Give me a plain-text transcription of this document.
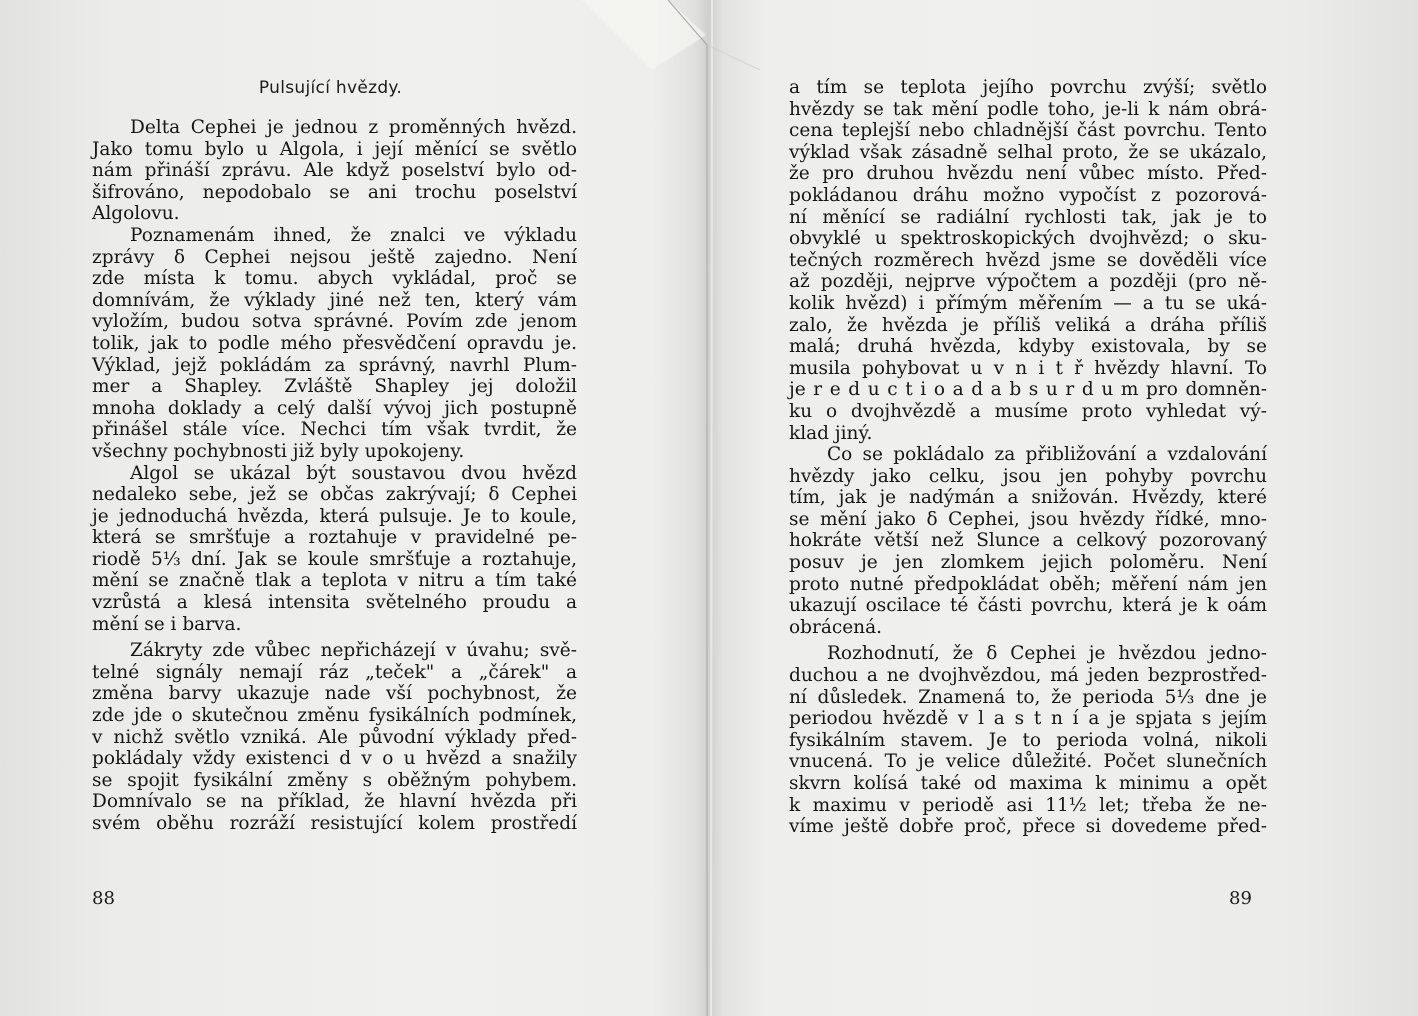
Pulsující hvězdy.
Delta Cephei je jednou z proměnných hvězd.
Jako tomu bylo u Algola, i její měnící se světlo
nám přináší zprávu. Ale když poselství bylo od-
šifrováno, nepodobalo se ani trochu poselství
Algolovu.
Poznamenám ihned, že znalci ve výkladu
zprávy δ Cephei nejsou ještě zajedno. Není
zde místa k tomu. abych vykládal, proč se
domnívám, že výklady jiné než ten, který vám
vyložím, budou sotva správné. Povím zde jenom
tolik, jak to podle mého přesvědčení opravdu je.
Výklad, jejž pokládám za správný, navrhl Plum-
mer a Shapley. Zvláště Shapley jej doložil
mnoha doklady a celý další vývoj jich postupně
přinášel stále více. Nechci tím však tvrdit, že
všechny pochybnosti již byly upokojeny.
Algol se ukázal být soustavou dvou hvězd
nedaleko sebe, jež se občas zakrývají; δ Cephei
je jednoduchá hvězda, která pulsuje. Je to koule,
která se smršťuje a roztahuje v pravidelné pe-
riodě 5⅓ dní. Jak se koule smršťuje a roztahuje,
mění se značně tlak a teplota v nitru a tím také
vzrůstá a klesá intensita světelného proudu a
mění se i barva.
Zákryty zde vůbec nepřicházejí v úvahu; svě-
telné signály nemají ráz „teček" a „čárek" a
změna barvy ukazuje nade vší pochybnost, že
zde jde o skutečnou změnu fysikálních podmínek,
v nichž světlo vzniká. Ale původní výklady před-
pokládaly vždy existenci d v o u hvězd a snažily
se spojit fysikální změny s oběžným pohybem.
Domnívalo se na příklad, že hlavní hvězda při
svém oběhu rozráží resistující kolem prostředí
88
a tím se teplota jejího povrchu zvýší; světlo
hvězdy se tak mění podle toho, je-li k nám obrá-
cena teplejší nebo chladnější část povrchu. Tento
výklad však zásadně selhal proto, že se ukázalo,
že pro druhou hvězdu není vůbec místo. Před-
pokládanou dráhu možno vypočíst z pozorová-
ní měnící se radiální rychlosti tak, jak je to
obvyklé u spektroskopických dvojhvězd; o sku-
tečných rozměrech hvězd jsme se dověděli více
až později, nejprve výpočtem a později (pro ně-
kolik hvězd) i přímým měřením — a tu se uká-
zalo, že hvězda je příliš veliká a dráha příliš
malá; druhá hvězda, kdyby existovala, by se
musila pohybovat u v n i t ř hvězdy hlavní. To
je r e d u c t i o a d a b s u r d u m pro domněn-
ku o dvojhvězdě a musíme proto vyhledat vý-
klad jiný.
Co se pokládalo za přibližování a vzdalování
hvězdy jako celku, jsou jen pohyby povrchu
tím, jak je nadýmán a snižován. Hvězdy, které
se mění jako δ Cephei, jsou hvězdy řídké, mno-
hokráte větší než Slunce a celkový pozorovaný
posuv je jen zlomkem jejich poloměru. Není
proto nutné předpokládat oběh; měření nám jen
ukazují oscilace té části povrchu, která je k oám
obrácená.
Rozhodnutí, že δ Cephei je hvězdou jedno-
duchou a ne dvojhvězdou, má jeden bezprostřed-
ní důsledek. Znamená to, že perioda 5⅓ dne je
periodou hvězdě v l a s t n í a je spjata s jejím
fysikálním stavem. Je to perioda volná, nikoli
vnucená. To je velice důležité. Počet slunečních
skvrn kolísá také od maxima k minimu a opět
k maximu v periodě asi 11½ let; třeba že ne-
víme ještě dobře proč, přece si dovedeme před-
89
